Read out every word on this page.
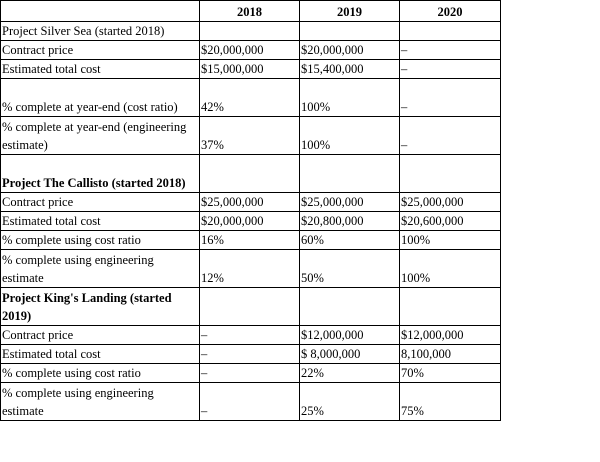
	2018	2019	2020
Project Silver Sea (started 2018)			
Contract price	$20,000,000	$20,000,000	–
Estimated total cost	$15,000,000	$15,400,000	–
% complete at year-end (cost ratio)	42%	100%	–
% complete at year-end (engineering estimate)	37%	100%	–
Project The Callisto (started 2018)			
Contract price	$25,000,000	$25,000,000	$25,000,000
Estimated total cost	$20,000,000	$20,800,000	$20,600,000
% complete using cost ratio	16%	60%	100%
% complete using engineering estimate	12%	50%	100%
Project King's Landing (started 2019)			
Contract price	–	$12,000,000	$12,000,000
Estimated total cost	–	$ 8,000,000	8,100,000
% complete using cost ratio	–	22%	70%
% complete using engineering estimate	–	25%	75%
